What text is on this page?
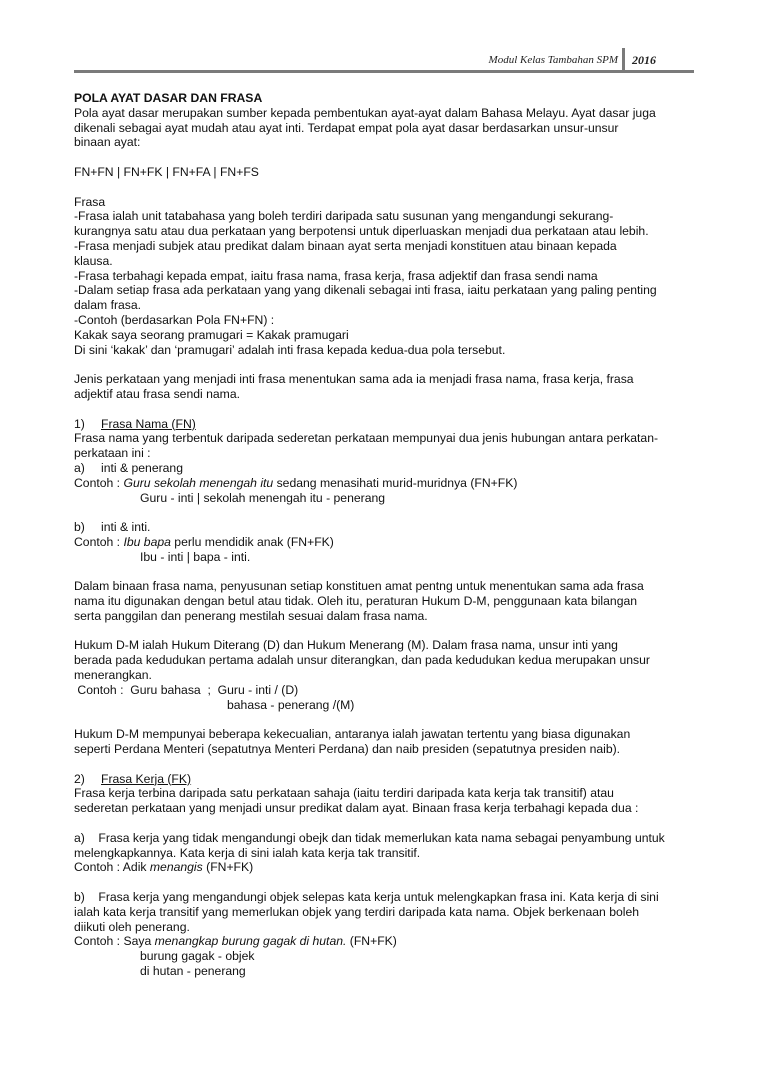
Modul Kelas Tambahan SPM 2016

POLA AYAT DASAR DAN FRASA

Pola ayat dasar merupakan sumber kepada pembentukan ayat-ayat dalam Bahasa Melayu. Ayat dasar juga

dikenali sebagai ayat mudah atau ayat inti. Terdapat empat pola ayat dasar berdasarkan unsur-unsur

binaan ayat:

FN+FN | FN+FK | FN+FA | FN+FS

Frasa

-Frasa ialah unit tatabahasa yang boleh terdiri daripada satu susunan yang mengandungi sekurang-

kurangnya satu atau dua perkataan yang berpotensi untuk diperluaskan menjadi dua perkataan atau lebih.

-Frasa menjadi subjek atau predikat dalam binaan ayat serta menjadi konstituen atau binaan kepada

klausa.

-Frasa terbahagi kepada empat, iaitu frasa nama, frasa kerja, frasa adjektif dan frasa sendi nama

-Dalam setiap frasa ada perkataan yang yang dikenali sebagai inti frasa, iaitu perkataan yang paling penting

dalam frasa.

-Contoh (berdasarkan Pola FN+FN) :

Kakak saya seorang pramugari = Kakak pramugari

Di sini ‘kakak’ dan ‘pramugari’ adalah inti frasa kepada kedua-dua pola tersebut.

Jenis perkataan yang menjadi inti frasa menentukan sama ada ia menjadi frasa nama, frasa kerja, frasa

adjektif atau frasa sendi nama.

1) Frasa Nama (FN)

Frasa nama yang terbentuk daripada sederetan perkataan mempunyai dua jenis hubungan antara perkatan-

perkataan ini :

a) inti & penerang

Contoh : Guru sekolah menengah itu sedang menasihati murid-muridnya (FN+FK)

Guru - inti | sekolah menengah itu - penerang

b) inti & inti.

Contoh : Ibu bapa perlu mendidik anak (FN+FK)

Ibu - inti | bapa - inti.

Dalam binaan frasa nama, penyusunan setiap konstituen amat pentng untuk menentukan sama ada frasa

nama itu digunakan dengan betul atau tidak. Oleh itu, peraturan Hukum D-M, penggunaan kata bilangan

serta panggilan dan penerang mestilah sesuai dalam frasa nama.

Hukum D-M ialah Hukum Diterang (D) dan Hukum Menerang (M). Dalam frasa nama, unsur inti yang

berada pada kedudukan pertama adalah unsur diterangkan, dan pada kedudukan kedua merupakan unsur

menerangkan.

Contoh :  Guru bahasa  ;  Guru - inti / (D)

bahasa - penerang /(M)

Hukum D-M mempunyai beberapa kekecualian, antaranya ialah jawatan tertentu yang biasa digunakan

seperti Perdana Menteri (sepatutnya Menteri Perdana) dan naib presiden (sepatutnya presiden naib).

2) Frasa Kerja (FK)

Frasa kerja terbina daripada satu perkataan sahaja (iaitu terdiri daripada kata kerja tak transitif) atau

sederetan perkataan yang menjadi unsur predikat dalam ayat. Binaan frasa kerja terbahagi kepada dua :

a)    Frasa kerja yang tidak mengandungi obejk dan tidak memerlukan kata nama sebagai penyambung untuk

melengkapkannya. Kata kerja di sini ialah kata kerja tak transitif.

Contoh : Adik menangis (FN+FK)

b)    Frasa kerja yang mengandungi objek selepas kata kerja untuk melengkapkan frasa ini. Kata kerja di sini

ialah kata kerja transitif yang memerlukan objek yang terdiri daripada kata nama. Objek berkenaan boleh

diikuti oleh penerang.

Contoh : Saya menangkap burung gagak di hutan. (FN+FK)

burung gagak - objek

di hutan - penerang
